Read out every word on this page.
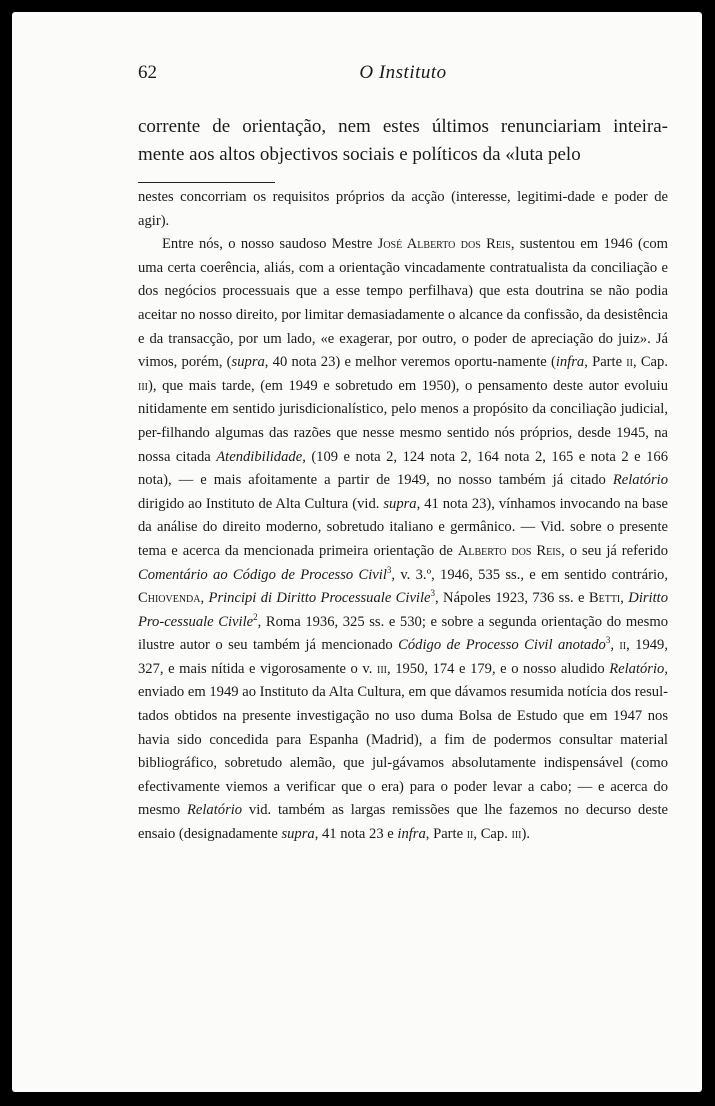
62	O Instituto
corrente de orientação, nem estes últimos renunciariam inteira- mente aos altos objectivos sociais e políticos da «luta pelo

nestes concorriam os requisitos próprios da acção (interesse, legitimi-dade e poder de agir).

Entre nós, o nosso saudoso Mestre José Alberto dos Reis, sustentou em 1946 (com uma certa coerência, aliás, com a orientação vincadamente contratualista da conciliação e dos negócios processuais que a esse tempo perfilhava) que esta doutrina se não podia aceitar no nosso direito, por limitar demasiadamente o alcance da confissão, da desistência e da transacção, por um lado, «e exagerar, por outro, o poder de apreciação do juiz». Já vimos, porém, (supra, 40 nota 23) e melhor veremos oportu-namente (infra, Parte ii, Cap. iii), que mais tarde, (em 1949 e sobretudo em 1950), o pensamento deste autor evoluiu nitidamente em sentido jurisdicionalístico, pelo menos a propósito da conciliação judicial, per-filhando algumas das razões que nesse mesmo sentido nós próprios, desde 1945, na nossa citada Atendibilidade, (109 e nota 2, 124 nota 2, 164 nota 2, 165 e nota 2 e 166 nota), — e mais afoitamente a partir de 1949, no nosso também já citado Relatório dirigido ao Instituto de Alta Cultura (vid. supra, 41 nota 23), vínhamos invocando na base da análise do direito moderno, sobretudo italiano e germânico. — Vid. sobre o presente tema e acerca da mencionada primeira orientação de Alberto dos Reis, o seu já referido Comentário ao Código de Processo Civil$^3$, v. 3.º, 1946, 535 ss., e em sentido contrário, Chiovenda, Principi di Diritto Processuale Civile$^3$, Nápoles 1923, 736 ss. e Betti, Diritto Pro-cessuale Civile$^2$, Roma 1936, 325 ss. e 530; e sobre a segunda orientação do mesmo ilustre autor o seu também já mencionado Código de Processo Civil anotado$^3$, ii, 1949, 327, e mais nítida e vigorosamente o v. iii, 1950, 174 e 179, e o nosso aludido Relatório, enviado em 1949 ao Instituto da Alta Cultura, em que dávamos resumida notícia dos resul-tados obtidos na presente investigação no uso duma Bolsa de Estudo que em 1947 nos havia sido concedida para Espanha (Madrid), a fim de podermos consultar material bibliográfico, sobretudo alemão, que jul-gávamos absolutamente indispensável (como efectivamente viemos a verificar que o era) para o poder levar a cabo; — e acerca do mesmo Relatório vid. também as largas remissões que lhe fazemos no decurso deste ensaio (designadamente supra, 41 nota 23 e infra, Parte ii, Cap. iii).
